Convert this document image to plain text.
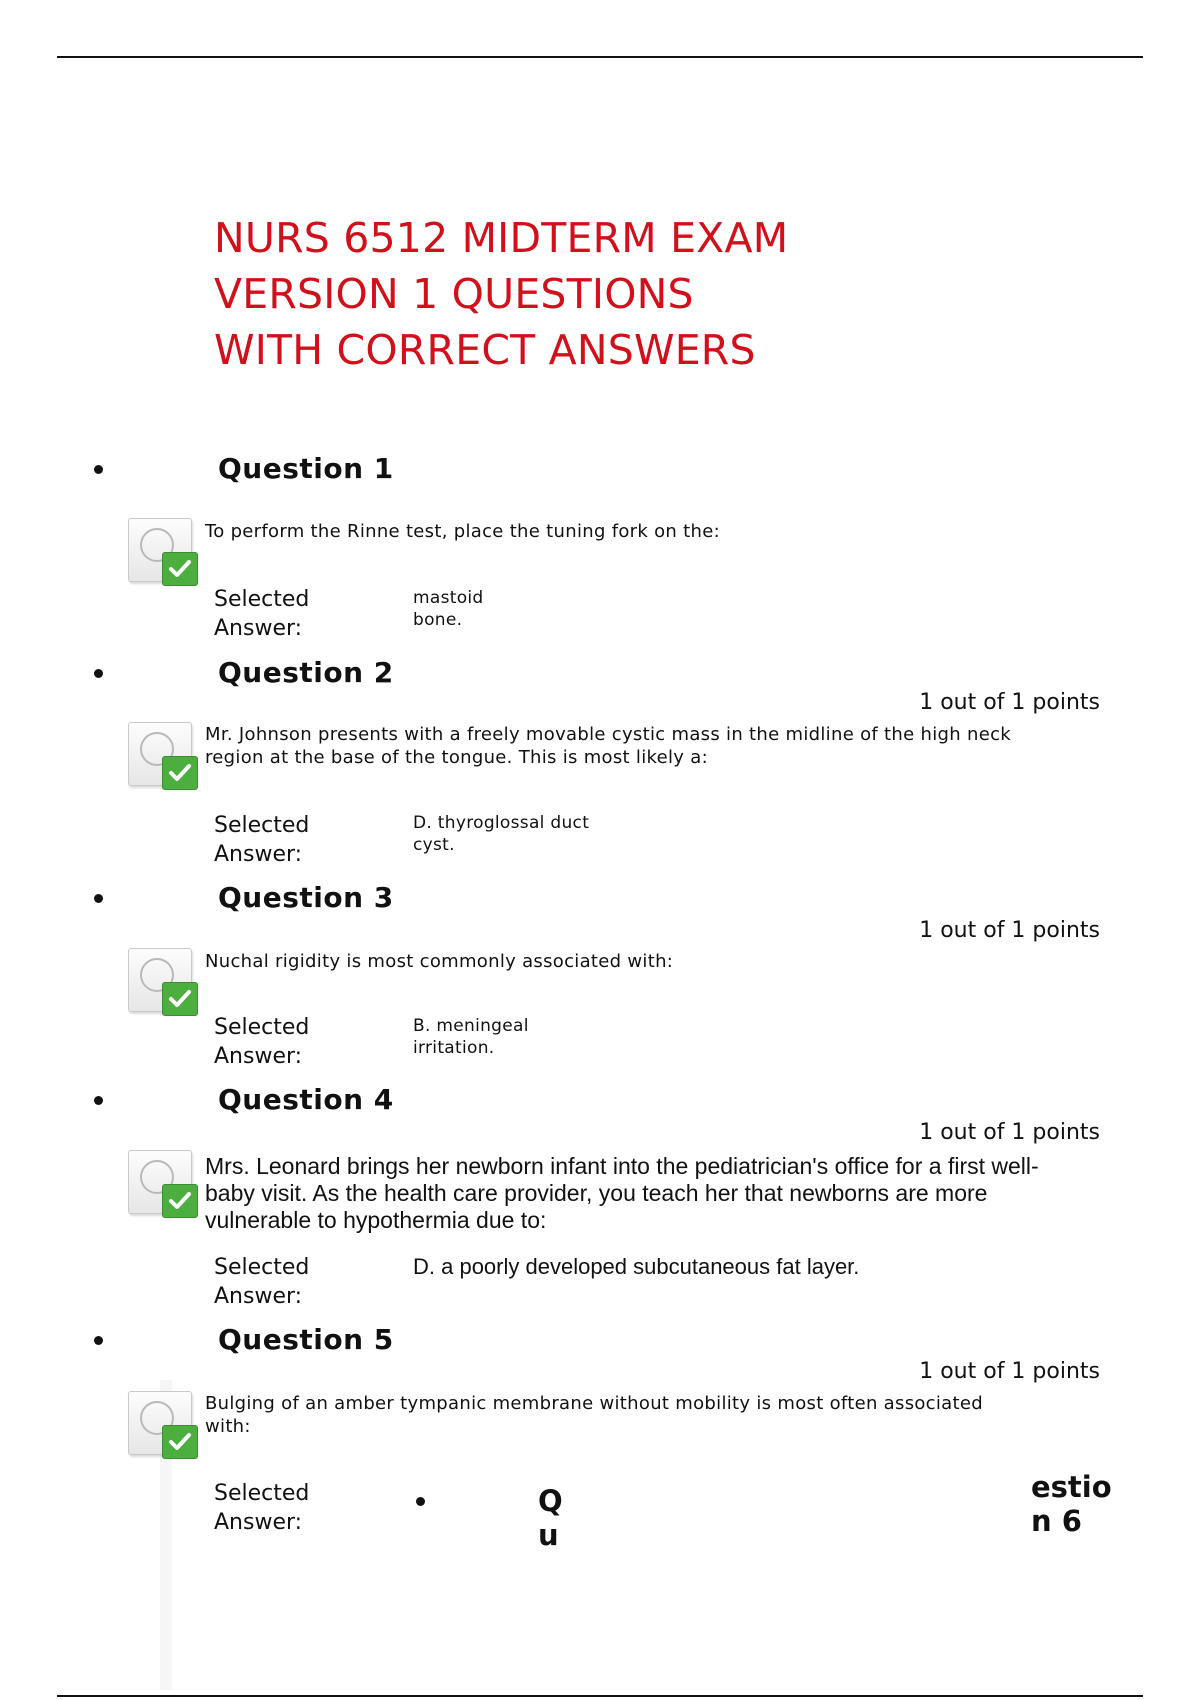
NURS 6512 MIDTERM EXAM
VERSION 1 QUESTIONS
WITH CORRECT ANSWERS
Question 1
To perform the Rinne test, place the tuning fork on the:
Selected
Answer:
mastoid
bone.
Question 2
1 out of 1 points
Mr. Johnson presents with a freely movable cystic mass in the midline of the high neck region at the base of the tongue. This is most likely a:
Selected
Answer:
D. thyroglossal duct
cyst.
Question 3
1 out of 1 points
Nuchal rigidity is most commonly associated with:
Selected
Answer:
B. meningeal
irritation.
Question 4
1 out of 1 points
Mrs. Leonard brings her newborn infant into the pediatrician's office for a first well-baby visit. As the health care provider, you teach her that newborns are more vulnerable to hypothermia due to:
Selected
Answer:
D. a poorly developed subcutaneous fat layer.
Question 5
1 out of 1 points
Bulging of an amber tympanic membrane without mobility is most often associated with:
Selected
Answer:
Q
u
estio
n 6
